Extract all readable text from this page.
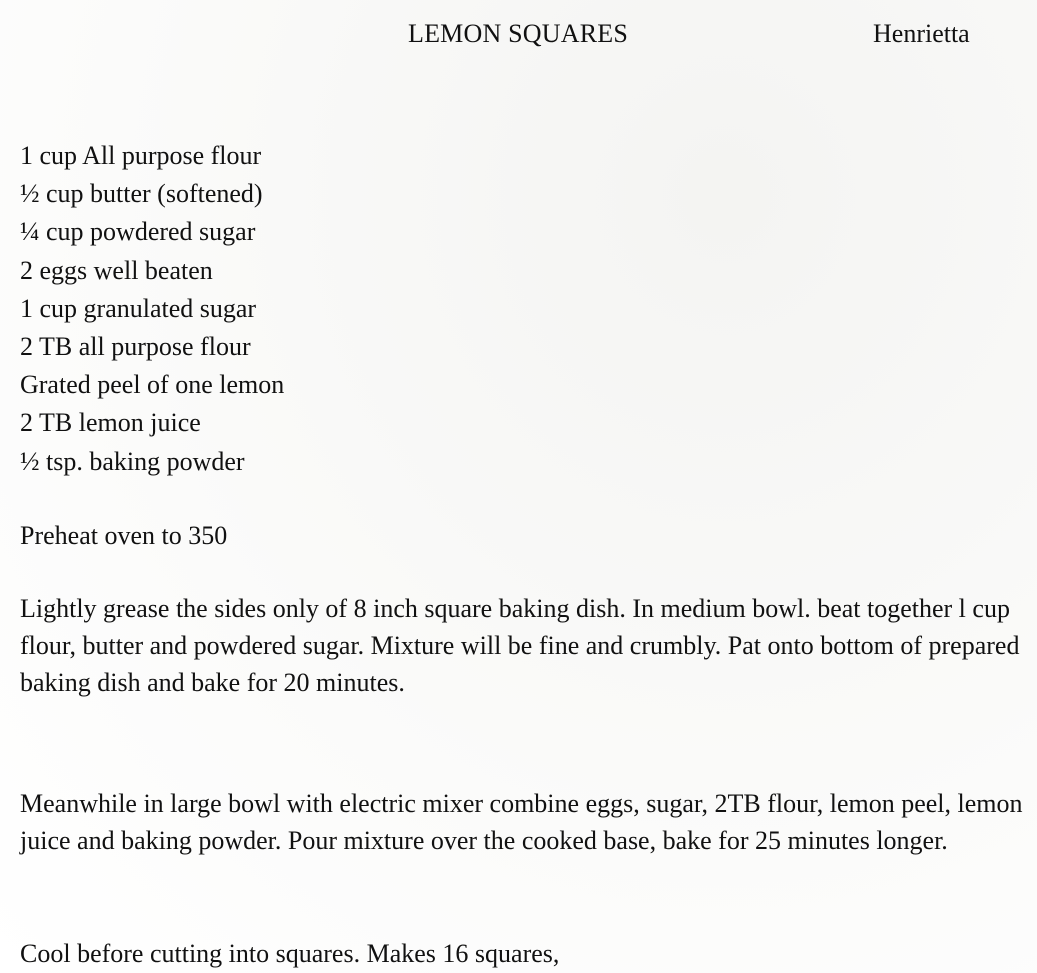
LEMON SQUARES	Henrietta
1 cup All purpose flour
½ cup butter (softened)
¼ cup powdered sugar
2 eggs well beaten
1 cup granulated sugar
2 TB all purpose flour
Grated peel of one lemon
2 TB lemon juice
½ tsp. baking powder

Preheat oven to 350

Lightly grease the sides only of 8 inch square baking dish. In medium bowl. beat together l cup flour, butter and powdered sugar. Mixture will be fine and crumbly. Pat onto bottom of prepared baking dish and bake for 20 minutes.

Meanwhile in large bowl with electric mixer combine eggs, sugar, 2TB flour, lemon peel, lemon juice and baking powder. Pour mixture over the cooked base, bake for 25 minutes longer.

Cool before cutting into squares. Makes 16 squares,
